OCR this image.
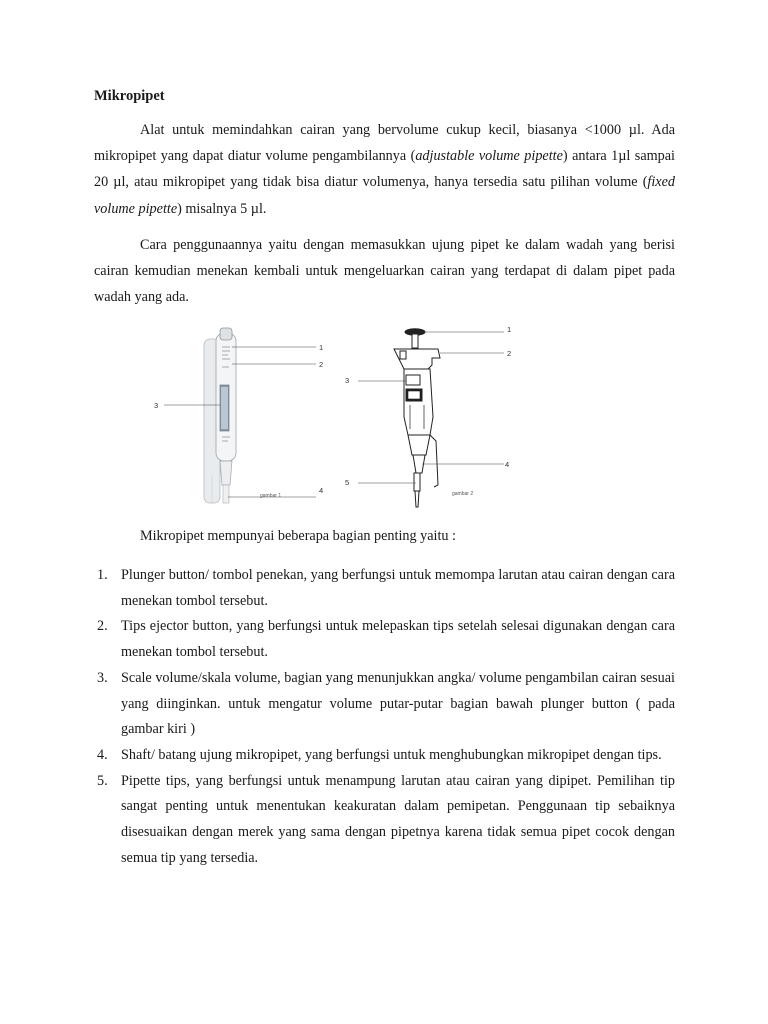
Mikropipet

Alat untuk memindahkan cairan yang bervolume cukup kecil, biasanya <1000 µl. Ada mikropipet yang dapat diatur volume pengambilannya (adjustable volume pipette) antara 1µl sampai 20 µl, atau mikropipet yang tidak bisa diatur volumenya, hanya tersedia satu pilihan volume (fixed volume pipette) misalnya 5 µl.

Cara penggunaannya yaitu dengan memasukkan ujung pipet ke dalam wadah yang berisi cairan kemudian menekan kembali untuk mengeluarkan cairan yang terdapat di dalam pipet pada wadah yang ada.

1
2
3
4
gambar 1
1
2
3
4
5
gambar 2

Mikropipet mempunyai beberapa bagian penting yaitu :

1. Plunger button/ tombol penekan, yang berfungsi untuk memompa larutan atau cairan dengan cara menekan tombol tersebut.
2. Tips ejector button, yang berfungsi untuk melepaskan tips setelah selesai digunakan dengan cara menekan tombol tersebut.
3. Scale volume/skala volume, bagian yang menunjukkan angka/ volume pengambilan cairan sesuai yang diinginkan. untuk mengatur volume putar-putar bagian bawah plunger button ( pada gambar kiri )
4. Shaft/ batang ujung mikropipet, yang berfungsi untuk menghubungkan mikropipet dengan tips.
5. Pipette tips, yang berfungsi untuk menampung larutan atau cairan yang dipipet. Pemilihan tip sangat penting untuk menentukan keakuratan dalam pemipetan. Penggunaan tip sebaiknya disesuaikan dengan merek yang sama dengan pipetnya karena tidak semua pipet cocok dengan semua tip yang tersedia.
